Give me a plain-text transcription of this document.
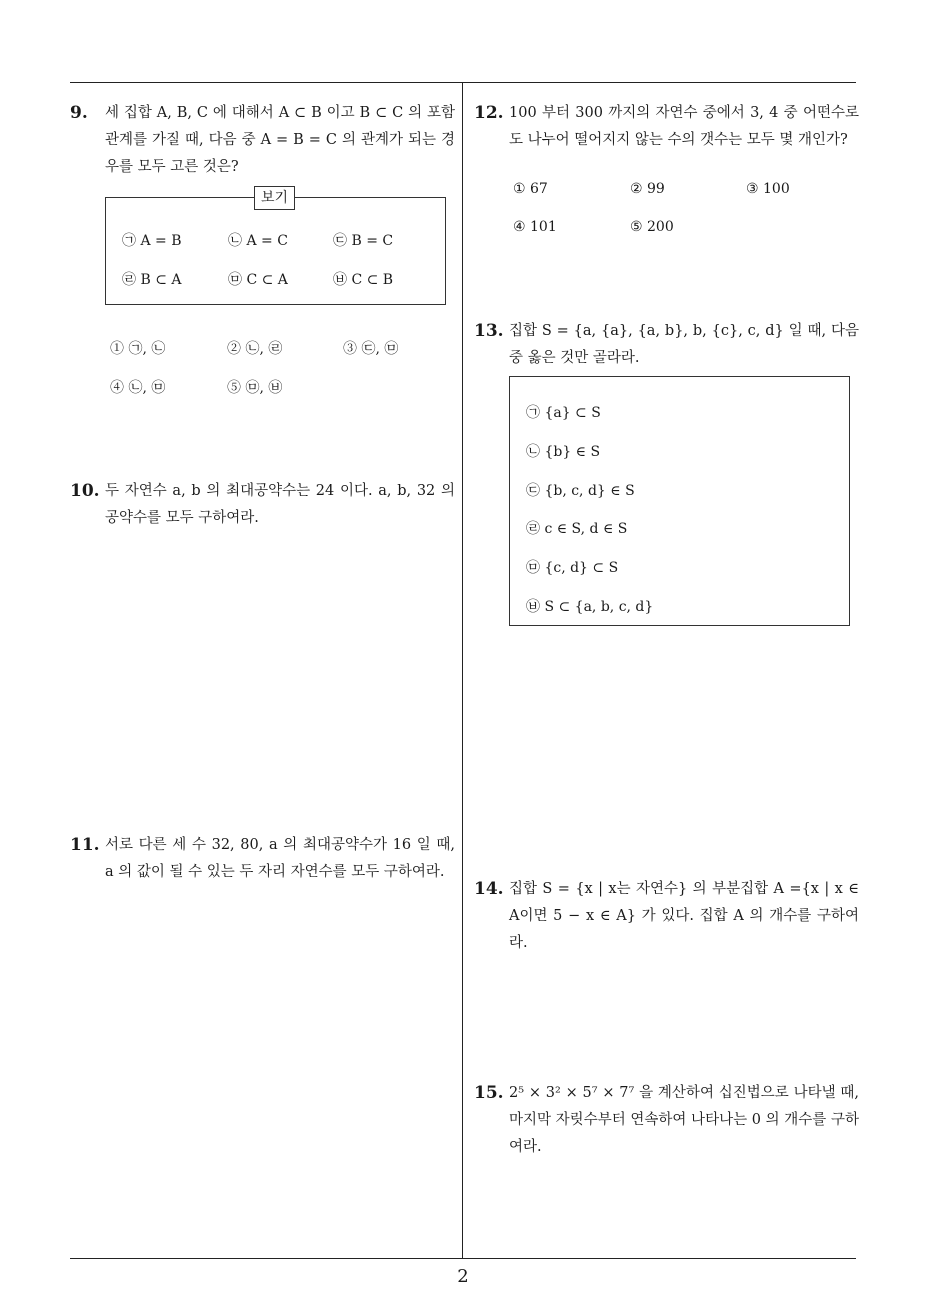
2
9. 세 집합 A, B, C 에 대해서 A ⊂ B 이고 B ⊂ C 의 포함 관계를 가질 때, 다음 중 A = B = C 의 관계가 되는 경우를 모두 고른 것은?
보기
㉠ A = B	㉡ A = C	㉢ B = C
㉣ B ⊂ A	㉤ C ⊂ A	㉥ C ⊂ B
① ㉠, ㉡	② ㉡, ㉣	③ ㉢, ㉤
④ ㉡, ㉤	⑤ ㉤, ㉥
10. 두 자연수 a, b 의 최대공약수는 24 이다. a, b, 32 의 공약수를 모두 구하여라.
11. 서로 다른 세 수 32, 80, a 의 최대공약수가 16 일 때, a 의 값이 될 수 있는 두 자리 자연수를 모두 구하여라.
12. 100 부터 300 까지의 자연수 중에서 3, 4 중 어떤수로도 나누어 떨어지지 않는 수의 갯수는 모두 몇 개인가?
① 67	② 99	③ 100
④ 101	⑤ 200
13. 집합 S = {a, {a}, {a, b}, b, {c}, c, d} 일 때, 다음 중 옳은 것만 골라라.
㉠ {a} ⊂ S
㉡ {b} ∈ S
㉢ {b, c, d} ∈ S
㉣ c ∈ S, d ∈ S
㉤ {c, d} ⊂ S
㉥ S ⊂ {a, b, c, d}
14. 집합 S = {x | x는 자연수} 의 부분집합 A ={x | x ∈ A이면 5 − x ∈ A} 가 있다. 집합 A 의 개수를 구하여라.
15. 2⁵ × 3² × 5⁷ × 7⁷ 을 계산하여 십진법으로 나타낼 때, 마지막 자릿수부터 연속하여 나타나는 0 의 개수를 구하여라.
